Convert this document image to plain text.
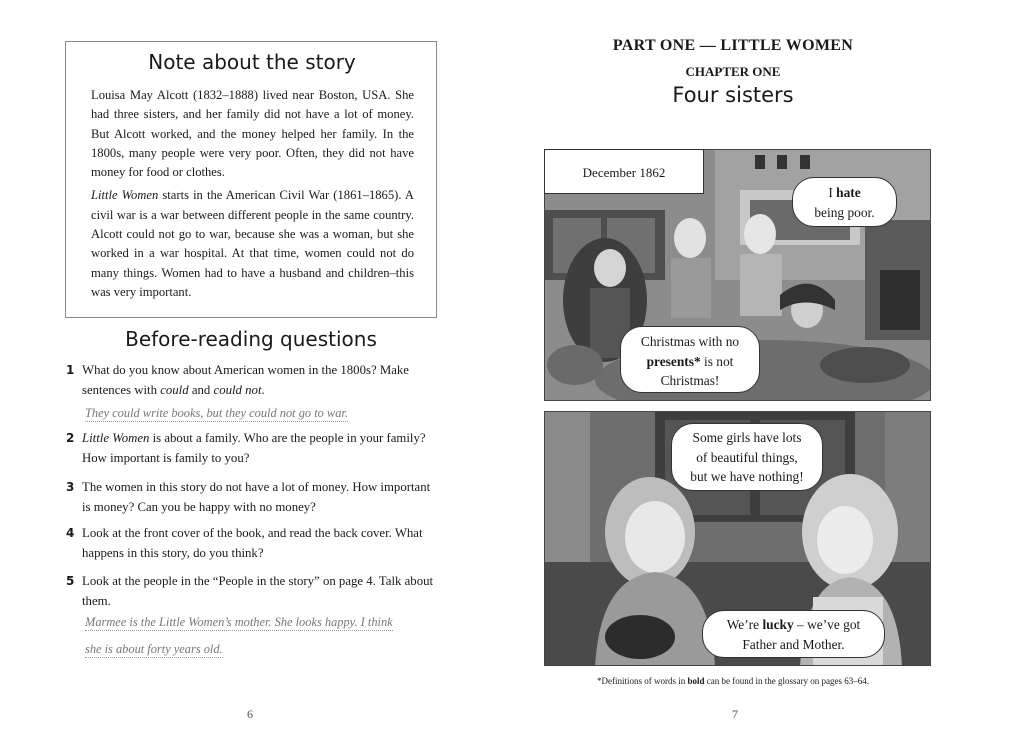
Note about the story

Louisa May Alcott (1832–1888) lived near Boston, USA. She had three sisters, and her family did not have a lot of money. But Alcott worked, and the money helped her family. In the 1800s, many people were very poor. Often, they did not have money for food or clothes.

Little Women starts in the American Civil War (1861–1865). A civil war is a war between different people in the same country. Alcott could not go to war, because she was a woman, but she worked in a war hospital. At that time, women could not do many things. Women had to have a husband and children–this was very important.

Before-reading questions
1 What do you know about American women in the 1800s? Make sentences with could and could not.
They could write books, but they could not go to war.
2 Little Women is about a family. Who are the people in your family? How important is family to you?
3 The women in this story do not have a lot of money. How important is money? Can you be happy with no money?
4 Look at the front cover of the book, and read the back cover. What happens in this story, do you think?
5 Look at the people in the “People in the story” on page 4. Talk about them.
Marmee is the Little Women’s mother. She looks happy. I think
she is about forty years old.
6
PART ONE — LITTLE WOMEN
CHAPTER ONE
Four sisters
I hate
being poor.
Christmas with no
presents* is not
Christmas!
December 1862
Some girls have lots
of beautiful things,
but we have nothing!
We’re lucky – we’ve got
Father and Mother.
*Definitions of words in bold can be found in the glossary on pages 63–64.
7
